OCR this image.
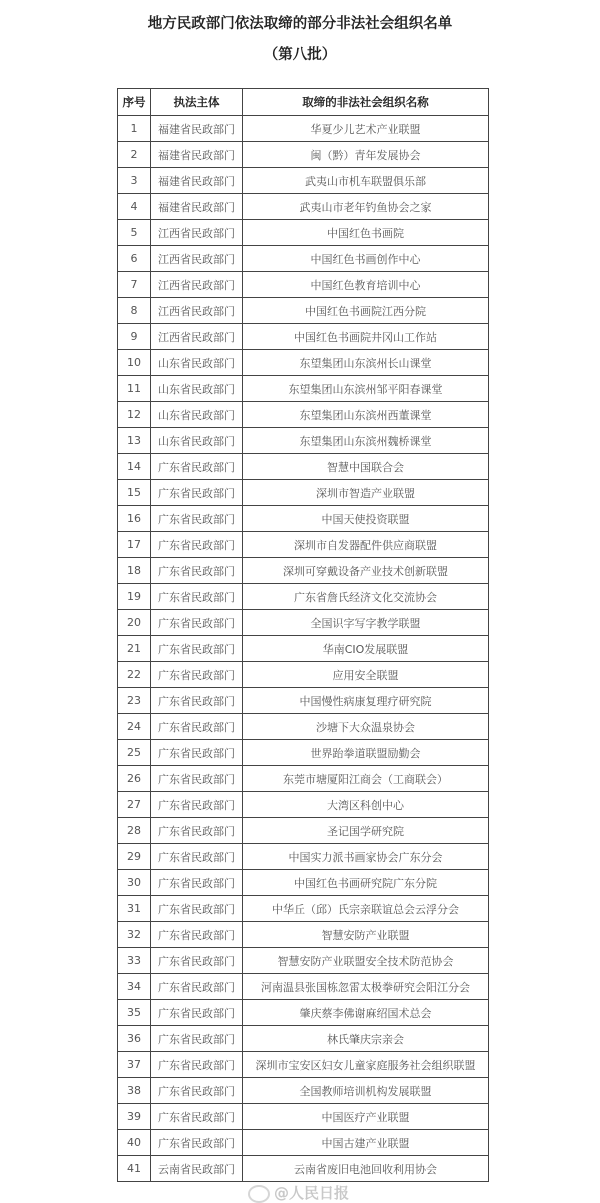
地方民政部门依法取缔的部分非法社会组织名单
（第八批）
序号	执法主体	取缔的非法社会组织名称
1	福建省民政部门	华夏少儿艺术产业联盟
2	福建省民政部门	闽（黔）青年发展协会
3	福建省民政部门	武夷山市机车联盟俱乐部
4	福建省民政部门	武夷山市老年钓鱼协会之家
5	江西省民政部门	中国红色书画院
6	江西省民政部门	中国红色书画创作中心
7	江西省民政部门	中国红色教育培训中心
8	江西省民政部门	中国红色书画院江西分院
9	江西省民政部门	中国红色书画院井冈山工作站
10	山东省民政部门	东望集团山东滨州长山课堂
11	山东省民政部门	东望集团山东滨州邹平阳春课堂
12	山东省民政部门	东望集团山东滨州西董课堂
13	山东省民政部门	东望集团山东滨州魏桥课堂
14	广东省民政部门	智慧中国联合会
15	广东省民政部门	深圳市智造产业联盟
16	广东省民政部门	中国天使投资联盟
17	广东省民政部门	深圳市自发器配件供应商联盟
18	广东省民政部门	深圳可穿戴设备产业技术创新联盟
19	广东省民政部门	广东省詹氏经济文化交流协会
20	广东省民政部门	全国识字写字教学联盟
21	广东省民政部门	华南CIO发展联盟
22	广东省民政部门	应用安全联盟
23	广东省民政部门	中国慢性病康复理疗研究院
24	广东省民政部门	沙塘下大众温泉协会
25	广东省民政部门	世界跆拳道联盟励勤会
26	广东省民政部门	东莞市塘厦阳江商会（工商联会）
27	广东省民政部门	大湾区科创中心
28	广东省民政部门	圣记国学研究院
29	广东省民政部门	中国实力派书画家协会广东分会
30	广东省民政部门	中国红色书画研究院广东分院
31	广东省民政部门	中华丘（邱）氏宗亲联谊总会云浮分会
32	广东省民政部门	智慧安防产业联盟
33	广东省民政部门	智慧安防产业联盟安全技术防范协会
34	广东省民政部门	河南温县张国栋忽雷太极拳研究会阳江分会
35	广东省民政部门	肇庆蔡李佛谢麻绍国术总会
36	广东省民政部门	林氏肇庆宗亲会
37	广东省民政部门	深圳市宝安区妇女儿童家庭服务社会组织联盟
38	广东省民政部门	全国教师培训机构发展联盟
39	广东省民政部门	中国医疗产业联盟
40	广东省民政部门	中国古建产业联盟
41	云南省民政部门	云南省废旧电池回收利用协会
@人民日报
